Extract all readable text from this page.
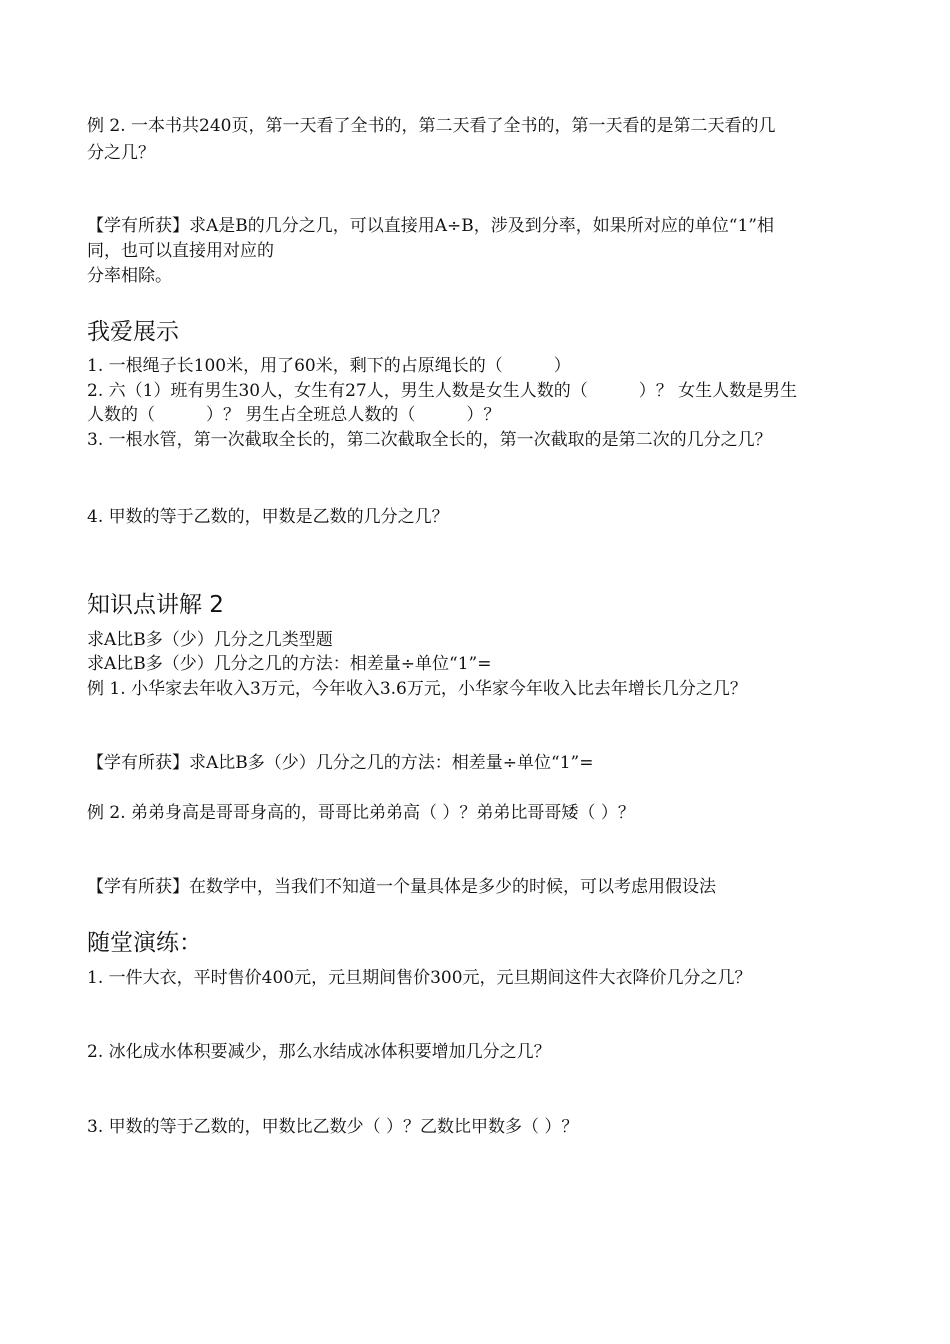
例 2. 一本书共240页，第一天看了全书的，第二天看了全书的，第一天看的是第二天看的几
分之几？
【学有所获】求A是B的几分之几，可以直接用A÷B，涉及到分率，如果所对应的单位“1”相
同，也可以直接用对应的
分率相除。
我爱展示
1. 一根绳子长100米，用了60米，剩下的占原绳长的（　　　）
2. 六（1）班有男生30人，女生有27人，男生人数是女生人数的（　　　）？ 女生人数是男生
人数的（　　　）？ 男生占全班总人数的（　　　）？
3. 一根水管，第一次截取全长的，第二次截取全长的，第一次截取的是第二次的几分之几？
4. 甲数的等于乙数的，甲数是乙数的几分之几？
知识点讲解 2
求A比B多（少）几分之几类型题
求A比B多（少）几分之几的方法：相差量÷单位“1”=
例 1. 小华家去年收入3万元，今年收入3.6万元，小华家今年收入比去年增长几分之几？
【学有所获】求A比B多（少）几分之几的方法：相差量÷单位“1”=
例 2. 弟弟身高是哥哥身高的，哥哥比弟弟高（ ）？弟弟比哥哥矮（ ）？
【学有所获】在数学中，当我们不知道一个量具体是多少的时候，可以考虑用假设法
随堂演练：
1. 一件大衣，平时售价400元，元旦期间售价300元，元旦期间这件大衣降价几分之几？
2. 冰化成水体积要减少，那么水结成冰体积要增加几分之几？
3. 甲数的等于乙数的，甲数比乙数少（ ）？乙数比甲数多（ ）？
